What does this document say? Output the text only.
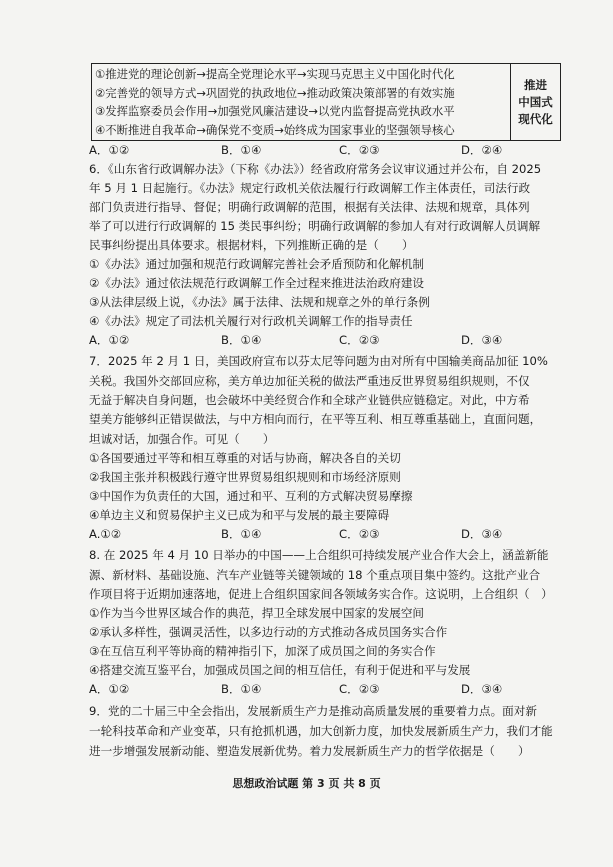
①推进党的理论创新→提高全党理论水平→实现马克思主义中国化时代化
②完善党的领导方式→巩固党的执政地位→推动政策决策部署的有效实施
③发挥监察委员会作用→加强党风廉洁建设→以党内监督提高党执政水平
④不断推进自我革命→确保党不变质→始终成为国家事业的坚强领导核心
推进
中国式
现代化
A．①②	B．①④	C．②③	D．②④
6．《山东省行政调解办法》（下称《办法》）经省政府常务会议审议通过并公布，自 2025
年 5 月 1 日起施行。《办法》规定行政机关依法履行行政调解工作主体责任，司法行政
部门负责进行指导、督促；明确行政调解的范围，根据有关法律、法规和规章，具体列
举了可以进行行政调解的 15 类民事纠纷；明确行政调解的参加人有对行政调解人员调解
民事纠纷提出具体要求。根据材料，下列推断正确的是（　　）
①《办法》通过加强和规范行政调解完善社会矛盾预防和化解机制
②《办法》通过依法规范行政调解工作全过程来推进法治政府建设
③从法律层级上说，《办法》属于法律、法规和规章之外的单行条例
④《办法》规定了司法机关履行对行政机关调解工作的指导责任
A．①②	B．①④	C．②③	D．③④
7．2025 年 2 月 1 日，美国政府宣布以芬太尼等问题为由对所有中国输美商品加征 10%
关税。我国外交部回应称，美方单边加征关税的做法严重违反世界贸易组织规则，不仅
无益于解决自身问题，也会破坏中美经贸合作和全球产业链供应链稳定。对此，中方希
望美方能够纠正错误做法，与中方相向而行，在平等互利、相互尊重基础上，直面问题，
坦诚对话，加强合作。可见（　　）
①各国要通过平等和相互尊重的对话与协商，解决各自的关切
②我国主张并积极践行遵守世界贸易组织规则和市场经济原则
③中国作为负责任的大国，通过和平、互利的方式解决贸易摩擦
④单边主义和贸易保护主义已成为和平与发展的最主要障碍
A.①②	B．①④	C．②③	D．③④
8. 在 2025 年 4 月 10 日举办的中国——上合组织可持续发展产业合作大会上，涵盖新能
源、新材料、基础设施、汽车产业链等关键领域的 18 个重点项目集中签约。这批产业合
作项目将于近期加速落地，促进上合组织国家间各领域务实合作。这说明，上合组织（　）
①作为当今世界区域合作的典范，捍卫全球发展中国家的发展空间
②承认多样性，强调灵活性，以多边行动的方式推动各成员国务实合作
③在互信互利平等协商的精神指引下，加深了成员国之间的务实合作
④搭建交流互鉴平台，加强成员国之间的相互信任，有利于促进和平与发展
A．①②	B．①④	C．②③	D．③④
9．党的二十届三中全会指出，发展新质生产力是推动高质量发展的重要着力点。面对新
一轮科技革命和产业变革，只有抢抓机遇，加大创新力度，加快发展新质生产力，我们才能
进一步增强发展新动能、塑造发展新优势。着力发展新质生产力的哲学依据是（　　）
思想政治试题 第 3 页 共 8 页
